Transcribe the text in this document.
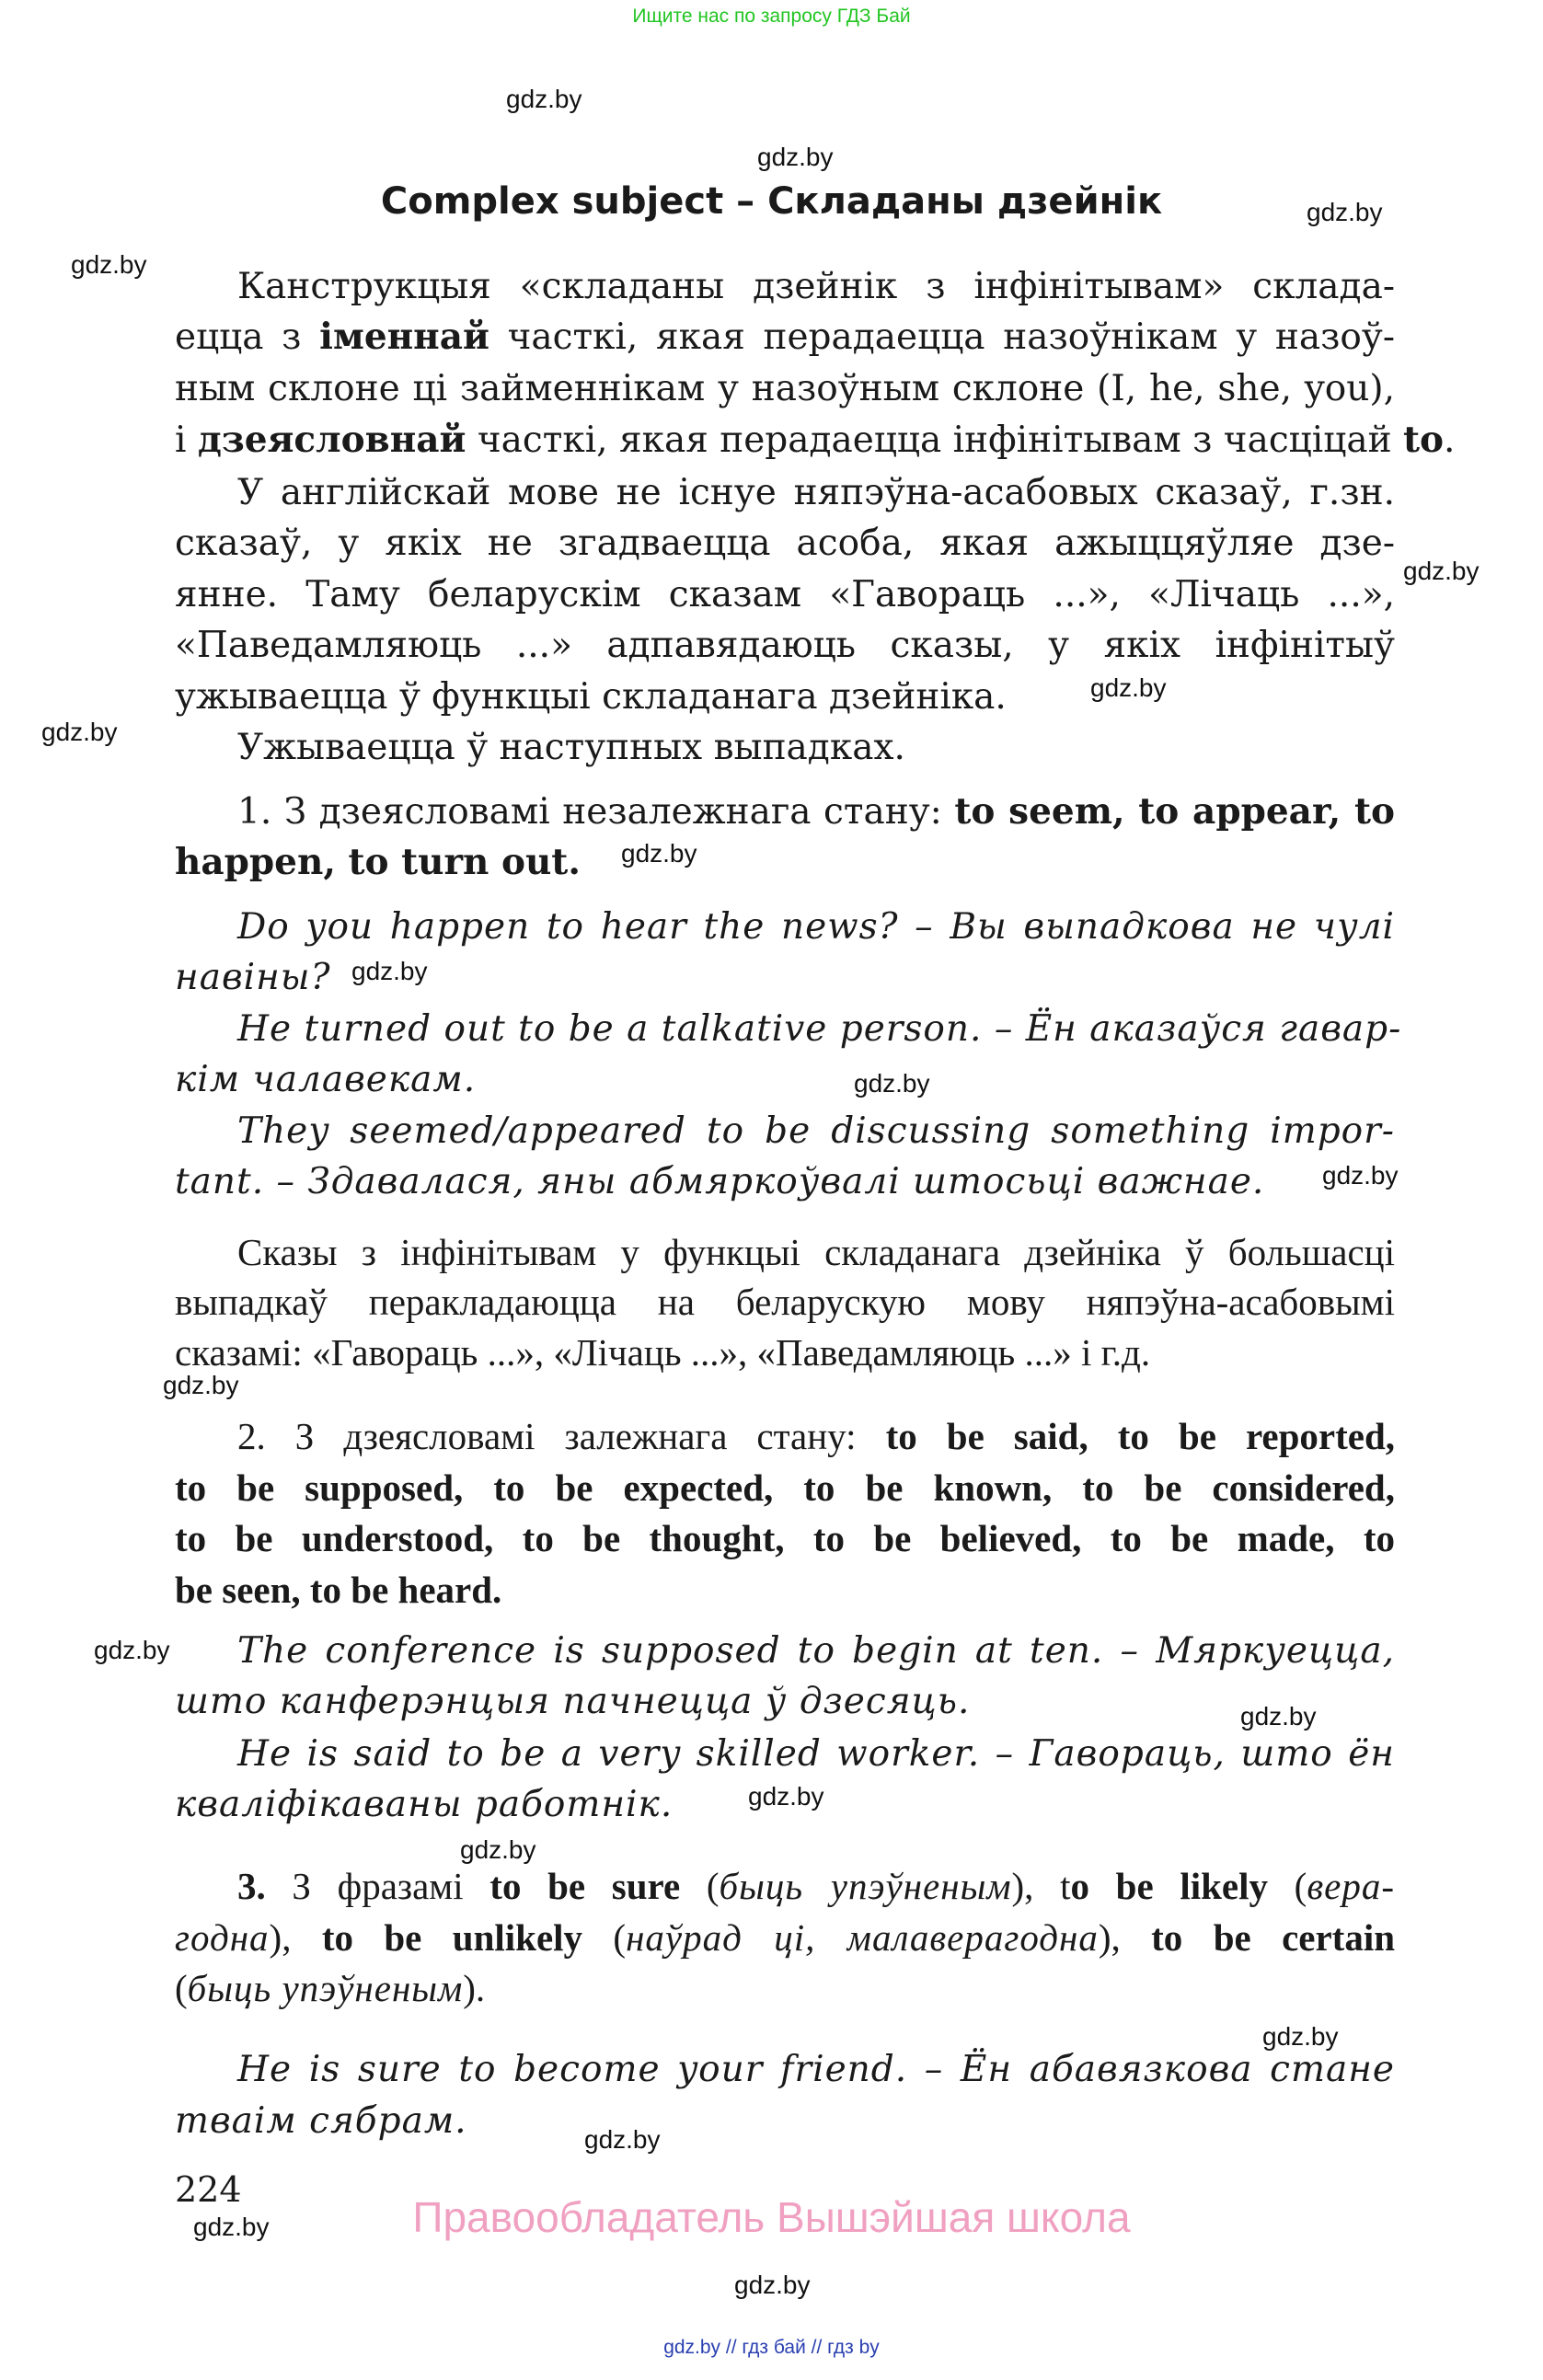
Ищите нас по запросу ГДЗ Бай
gdz.by
gdz.by
gdz.by
gdz.by
gdz.by
gdz.by
gdz.by
gdz.by
gdz.by
gdz.by
gdz.by
gdz.by
gdz.by
gdz.by
gdz.by
gdz.by
gdz.by
gdz.by
gdz.by
gdz.by
Complex subject – Складаны дзейнік
Канструкцыя «складаны дзейнік з інфінітывам» склада-
ецца з іменнай часткі, якая перадаецца назоўнікам у назоў-
ным склоне ці займеннікам у назоўным склоне (I, he, she, you),
і дзеясловнай часткі, якая перадаецца інфінітывам з часціцай to.
У англійскай мове не існуе няпэўна-асабовых сказаў, г.зн.
сказаў, у якіх не згадваецца асоба, якая ажыццяўляе дзе-
янне. Таму беларускім сказам «Гавораць ...», «Лічаць ...»,
«Паведамляюць ...» адпавядаюць сказы, у якіх інфінітыў
ужываецца ў функцыі складанага дзейніка.
Ужываецца ў наступных выпадках.
1. З дзеясловамі незалежнага стану: to seem, to appear, to
happen, to turn out.
Do you happen to hear the news? – Вы выпадкова не чулі
навіны?
He turned out to be a talkative person. – Ён аказаўся гавар-
кім чалавекам.
They seemed/appeared to be discussing something impor-
tant. – Здавалася, яны абмяркоўвалі штосьці важнае.
Сказы з інфінітывам у функцыі складанага дзейніка ў большасці
выпадкаў перакладаюцца на беларускую мову няпэўна-асабовымі
сказамі: «Гавораць ...», «Лічаць ...», «Паведамляюць ...» і г.д.
2. З дзеясловамі залежнага стану: to be said, to be reported,
to be supposed, to be expected, to be known, to be considered,
to be understood, to be thought, to be believed, to be made, to
be seen, to be heard.
The conference is supposed to begin at ten. – Мяркуецца,
што канферэнцыя пачнецца ў дзесяць.
He is said to be a very skilled worker. – Гавораць, што ён
кваліфікаваны работнік.
3. З фразамі to be sure (быць упэўненым), to be likely (вера-
годна), to be unlikely (наўрад ці, малаверагодна), to be certain
(быць упэўненым).
He is sure to become your friend. – Ён абавязкова стане
тваім сябрам.
224
Правообладатель Вышэйшая школа
gdz.by // гдз бай // гдз by
